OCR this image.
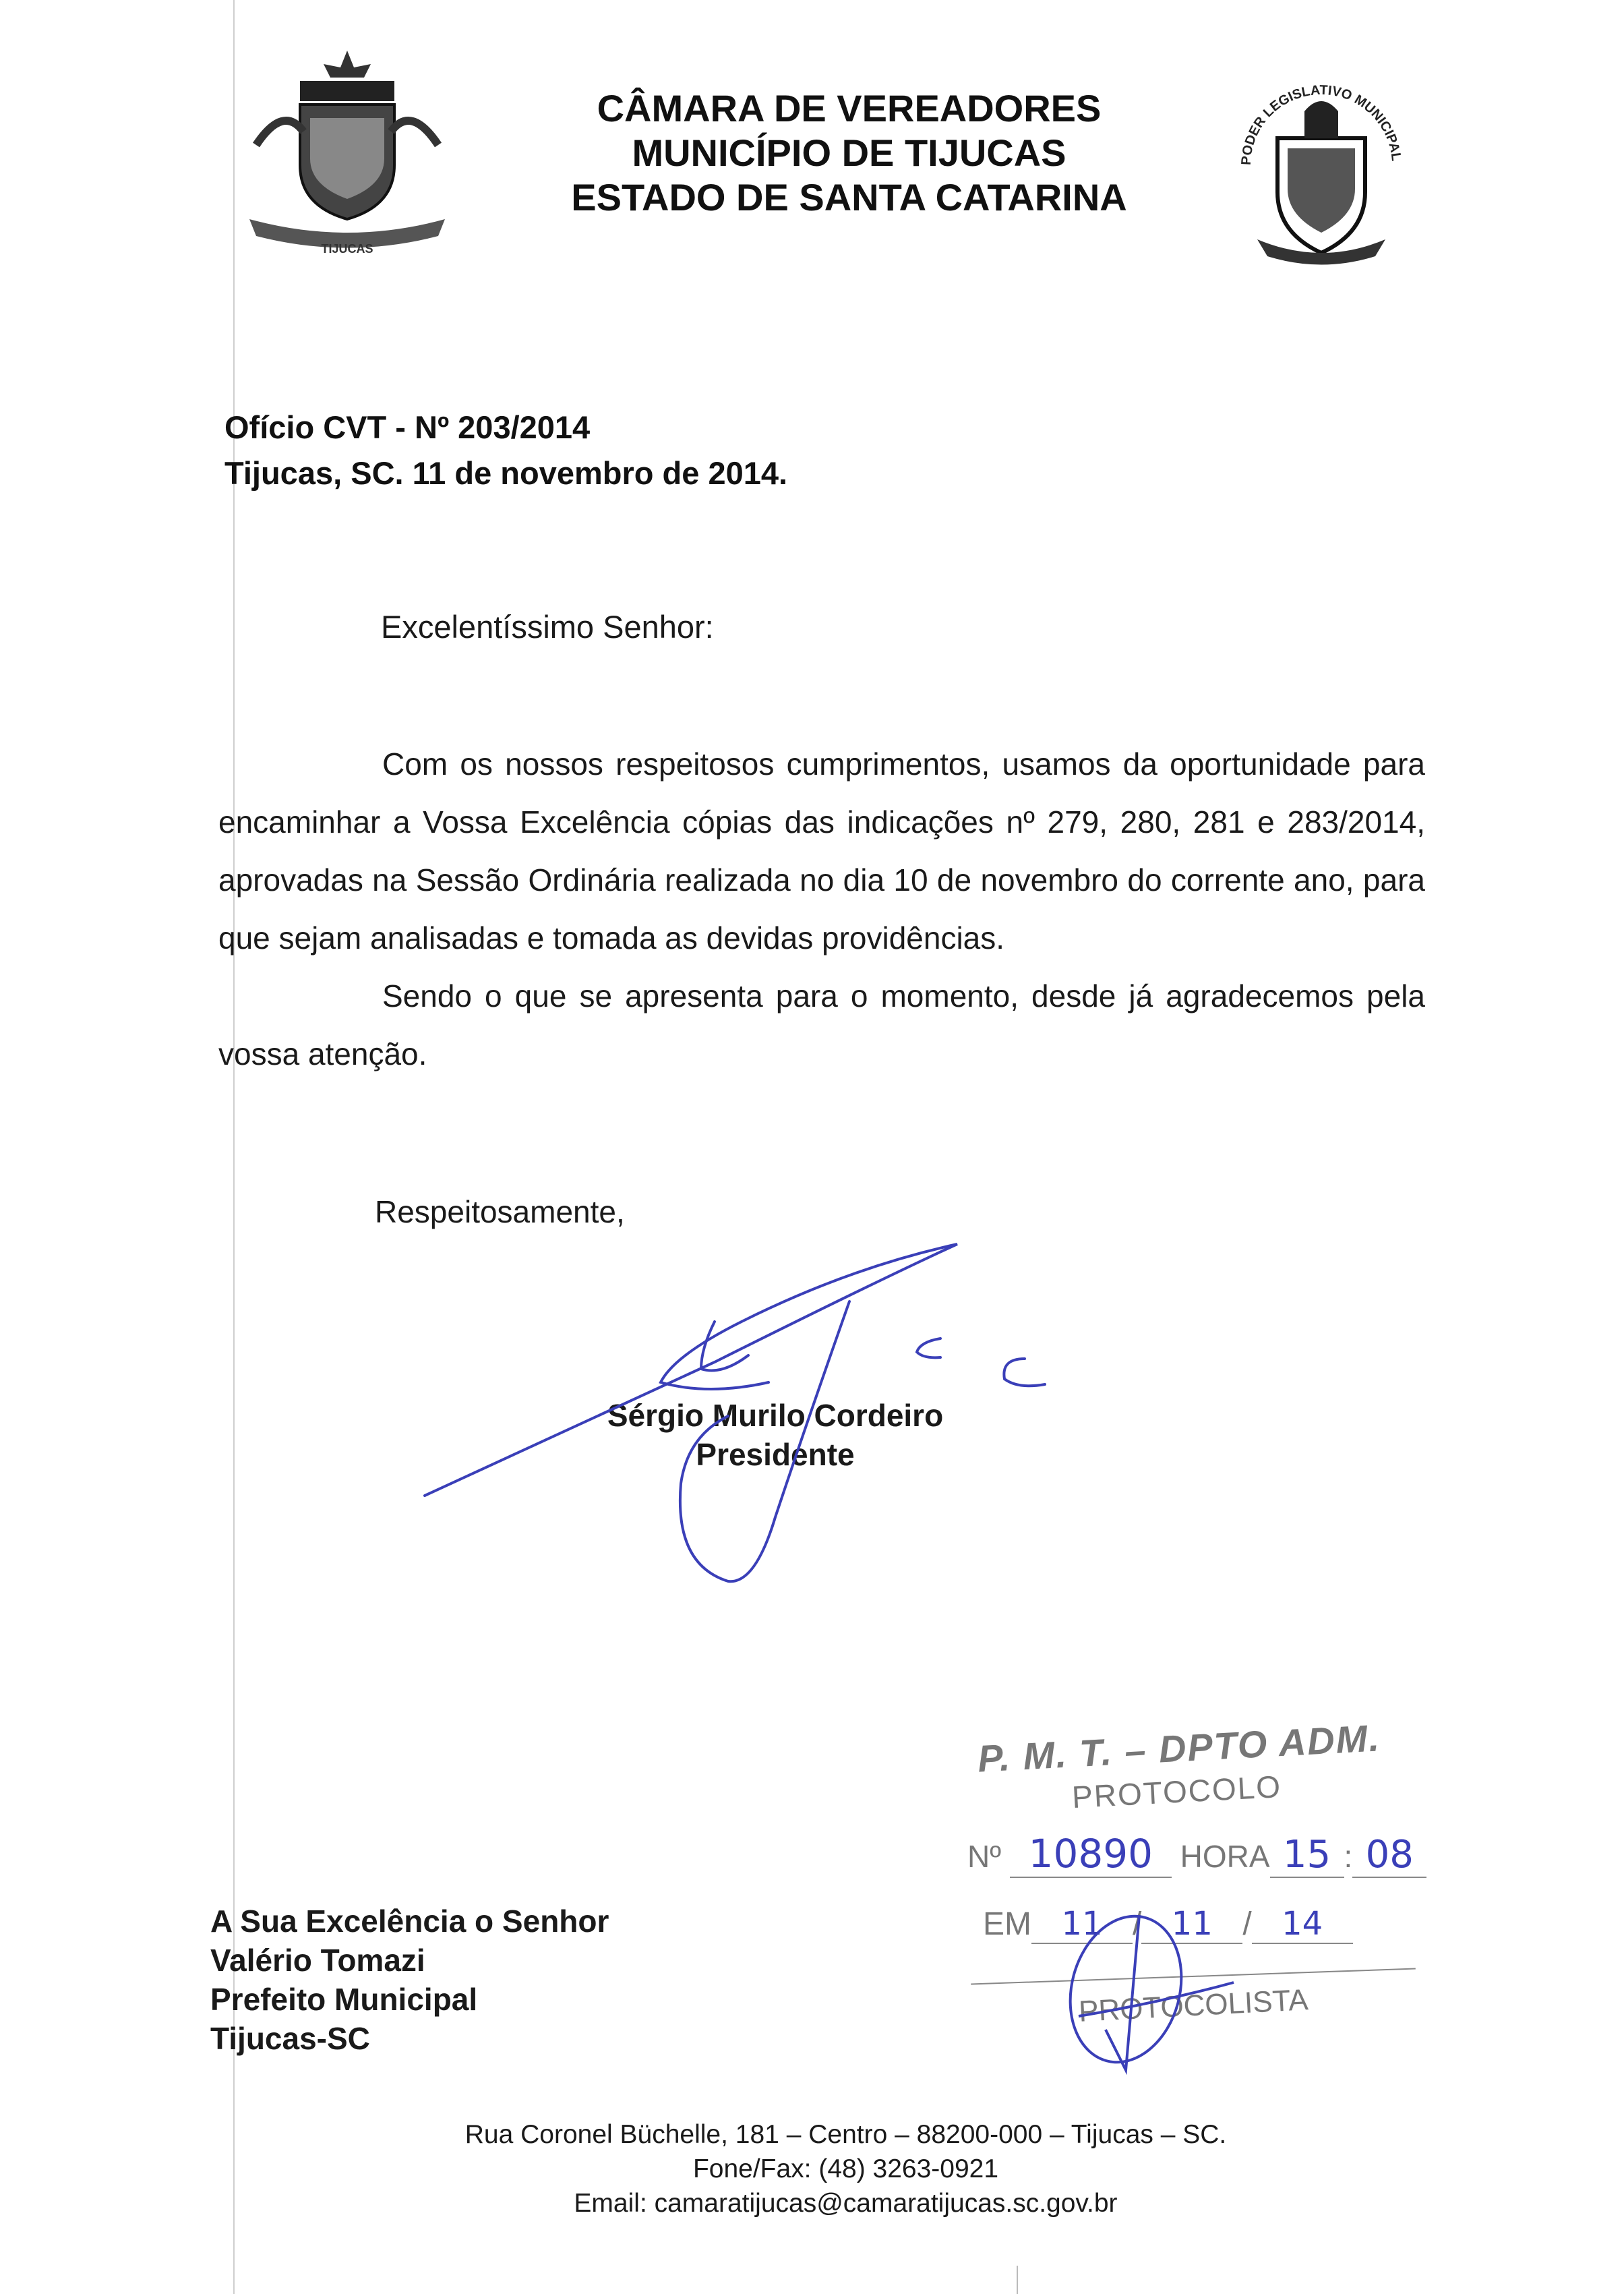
TIJUCAS
CÂMARA DE VEREADORES
MUNICÍPIO DE TIJUCAS
ESTADO DE SANTA CATARINA
PODER LEGISLATIVO MUNICIPAL
Ofício CVT - Nº 203/2014
Tijucas, SC. 11 de novembro de 2014.
Excelentíssimo Senhor:

Com os nossos respeitosos cumprimentos, usamos da oportunidade para encaminhar a Vossa Excelência cópias das indicações nº 279, 280, 281 e 283/2014, aprovadas na Sessão Ordinária realizada no dia 10 de novembro do corrente ano, para que sejam analisadas e tomada as devidas providências.

Sendo o que se apresenta para o momento, desde já agradecemos pela vossa atenção.

Respeitosamente,
Sérgio Murilo Cordeiro
Presidente
A Sua Excelência o Senhor
Valério Tomazi
Prefeito Municipal
Tijucas-SC
P. M. T. – DPTO ADM.
PROTOCOLO
Nº 10890 HORA 15 : 08
EM 11 / 11 / 14
PROTOCOLISTA
Rua Coronel Büchelle, 181 – Centro – 88200-000 – Tijucas – SC.
Fone/Fax: (48) 3263-0921
Email: camaratijucas@camaratijucas.sc.gov.br
